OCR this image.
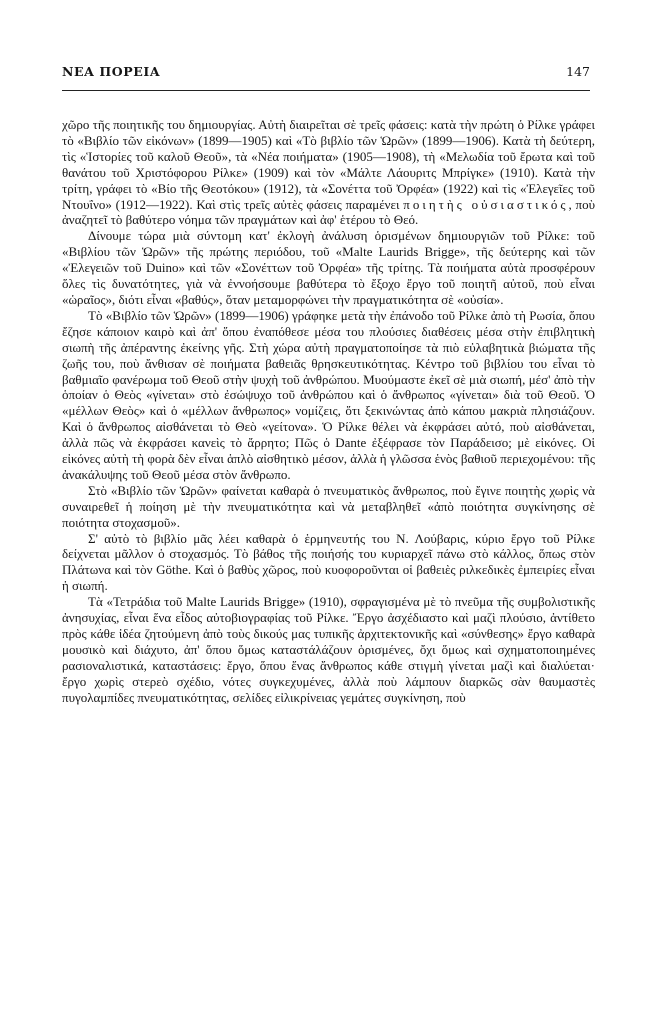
ΝΕΑ ΠΟΡΕΙΑ	147

χῶρο τῆς ποιητικῆς του δημιουργίας. Αὐτὴ διαιρεῖται σὲ τρεῖς φάσεις: κατὰ τὴν πρώτη ὁ Ρίλκε γράφει τὸ «Βιβλίο τῶν εἰκόνων» (1899—1905) καὶ «Τὸ βιβλίο τῶν Ὡρῶν» (1899—1906). Κατὰ τὴ δεύτερη, τὶς «Ἱστορίες τοῦ καλοῦ Θεοῦ», τὰ «Νέα ποιήματα» (1905—1908), τὴ «Μελωδία τοῦ ἔρωτα καὶ τοῦ θανάτου τοῦ Χριστόφορου Ρίλκε» (1909) καὶ τὸν «Μάλτε Λάουριτς Μπρίγκε» (1910). Κατὰ τὴν τρίτη, γράφει τὸ «Βίο τῆς Θεοτόκου» (1912), τὰ «Σονέττα τοῦ Ὀρφέα» (1922) καὶ τὶς «Ἐλεγεῖες τοῦ Ντουΐνο» (1912—1922). Καὶ στὶς τρεῖς αὐτὲς φάσεις παραμένει ποιητὴς οὐσιαστικός, ποὺ ἀναζητεῖ τὸ βαθύτερο νόημα τῶν πραγμάτων καὶ ἀφ' ἑτέρου τὸ Θεό.

Δίνουμε τώρα μιὰ σύντομη κατ' ἐκλογὴ ἀνάλυση ὁρισμένων δημιουργιῶν τοῦ Ρίλκε: τοῦ «Βιβλίου τῶν Ὡρῶν» τῆς πρώτης περιόδου, τοῦ «Malte Laurids Brigge», τῆς δεύτερης καὶ τῶν «Ἐλεγειῶν τοῦ Duino» καὶ τῶν «Σονέττων τοῦ Ὀρφέα» τῆς τρίτης. Τὰ ποιήματα αὐτὰ προσφέρουν ὅλες τὶς δυνατότητες, γιὰ νὰ ἐννοήσουμε βαθύτερα τὸ ἔξοχο ἔργο τοῦ ποιητῆ αὐτοῦ, ποὺ εἶναι «ὡραῖος», διότι εἶναι «βαθύς», ὅταν μεταμορφώνει τὴν πραγματικότητα σὲ «οὐσία».

Τὸ «Βιβλίο τῶν Ὡρῶν» (1899—1906) γράφηκε μετὰ τὴν ἐπάνοδο τοῦ Ρίλκε ἀπὸ τὴ Ρωσία, ὅπου ἔζησε κάποιον καιρὸ καὶ ἀπ' ὅπου ἐναπόθεσε μέσα του πλούσιες διαθέσεις μέσα στὴν ἐπιβλητικὴ σιωπὴ τῆς ἀπέραντης ἐκείνης γῆς. Στὴ χώρα αὐτὴ πραγματοποίησε τὰ πιὸ εὐλαβητικὰ βιώματα τῆς ζωῆς του, ποὺ ἄνθισαν σὲ ποιήματα βαθειᾶς θρησκευτικότητας. Κέντρο τοῦ βιβλίου του εἶναι τὸ βαθμιαῖο φανέρωμα τοῦ Θεοῦ στὴν ψυχὴ τοῦ ἀνθρώπου. Μυούμαστε ἐκεῖ σὲ μιὰ σιωπή, μέσ' ἀπὸ τὴν ὁποίαν ὁ Θεὸς «γίνεται» στὸ ἐσώψυχο τοῦ ἀνθρώπου καὶ ὁ ἄνθρωπος «γίνεται» διὰ τοῦ Θεοῦ. Ὁ «μέλλων Θεὸς» καὶ ὁ «μέλλων ἄνθρωπος» νομίζεις, ὅτι ξεκινώντας ἀπὸ κάπου μακριὰ πλησιάζουν. Καὶ ὁ ἄνθρωπος αἰσθάνεται τὸ Θεὸ «γείτονα». Ὁ Ρίλκε θέλει νὰ ἐκφράσει αὐτό, ποὺ αἰσθάνεται, ἀλλὰ πῶς νὰ ἐκφράσει κανεὶς τὸ ἄρρητο; Πῶς ὁ Dante ἐξέφρασε τὸν Παράδεισο; μὲ εἰκόνες. Οἱ εἰκόνες αὐτὴ τὴ φορὰ δὲν εἶναι ἁπλὸ αἰσθητικὸ μέσον, ἀλλὰ ἡ γλῶσσα ἑνὸς βαθιοῦ περιεχομένου: τῆς ἀνακάλυψης τοῦ Θεοῦ μέσα στὸν ἄνθρωπο.

Στὸ «Βιβλίο τῶν Ὡρῶν» φαίνεται καθαρὰ ὁ πνευματικὸς ἄνθρωπος, ποὺ ἔγινε ποιητὴς χωρὶς νὰ συναιρεθεῖ ἡ ποίηση μὲ τὴν πνευματικότητα καὶ νὰ μεταβληθεῖ «ἀπὸ ποιότητα συγκίνησης σὲ ποιότητα στοχασμοῦ».

Σ' αὐτὸ τὸ βιβλίο μᾶς λέει καθαρὰ ὁ ἑρμηνευτής του Ν. Λούβαρις, κύριο ἔργο τοῦ Ρίλκε δείχνεται μᾶλλον ὁ στοχασμός. Τὸ βάθος τῆς ποιήσής του κυριαρχεῖ πάνω στὸ κάλλος, ὅπως στὸν Πλάτωνα καὶ τὸν Göthe. Καὶ ὁ βαθὺς χῶρος, ποὺ κυοφοροῦνται οἱ βαθειὲς ριλκεδικὲς ἐμπειρίες εἶναι ἡ σιωπή.

Τὰ «Τετράδια τοῦ Malte Laurids Brigge» (1910), σφραγισμένα μὲ τὸ πνεῦμα τῆς συμβολιστικῆς ἀνησυχίας, εἶναι ἕνα εἶδος αὐτοβιογραφίας τοῦ Ρίλκε. Ἔργο ἀσχέδιαστο καὶ μαζὶ πλούσιο, ἀντίθετο πρὸς κάθε ἰδέα ζητούμενη ἀπὸ τοὺς δικούς μας τυπικῆς ἀρχιτεκτονικῆς καὶ «σύνθεσης» ἔργο καθαρὰ μουσικὸ καὶ διάχυτο, ἀπ' ὅπου ὅμως καταστάλάζουν ὁρισμένες, ὄχι ὅμως καὶ σχηματοποιημένες ρασιοναλιστικά, καταστάσεις: ἔργο, ὅπου ἕνας ἄνθρωπος κάθε στιγμὴ γίνεται μαζὶ καὶ διαλύεται· ἔργο χωρὶς στερεὸ σχέδιο, νότες συγκεχυμένες, ἀλλὰ ποὺ λάμπουν διαρκῶς σὰν θαυμαστὲς πυγολαμπίδες πνευματικότητας, σελίδες εἰλικρίνειας γεμάτες συγκίνηση, ποὺ
